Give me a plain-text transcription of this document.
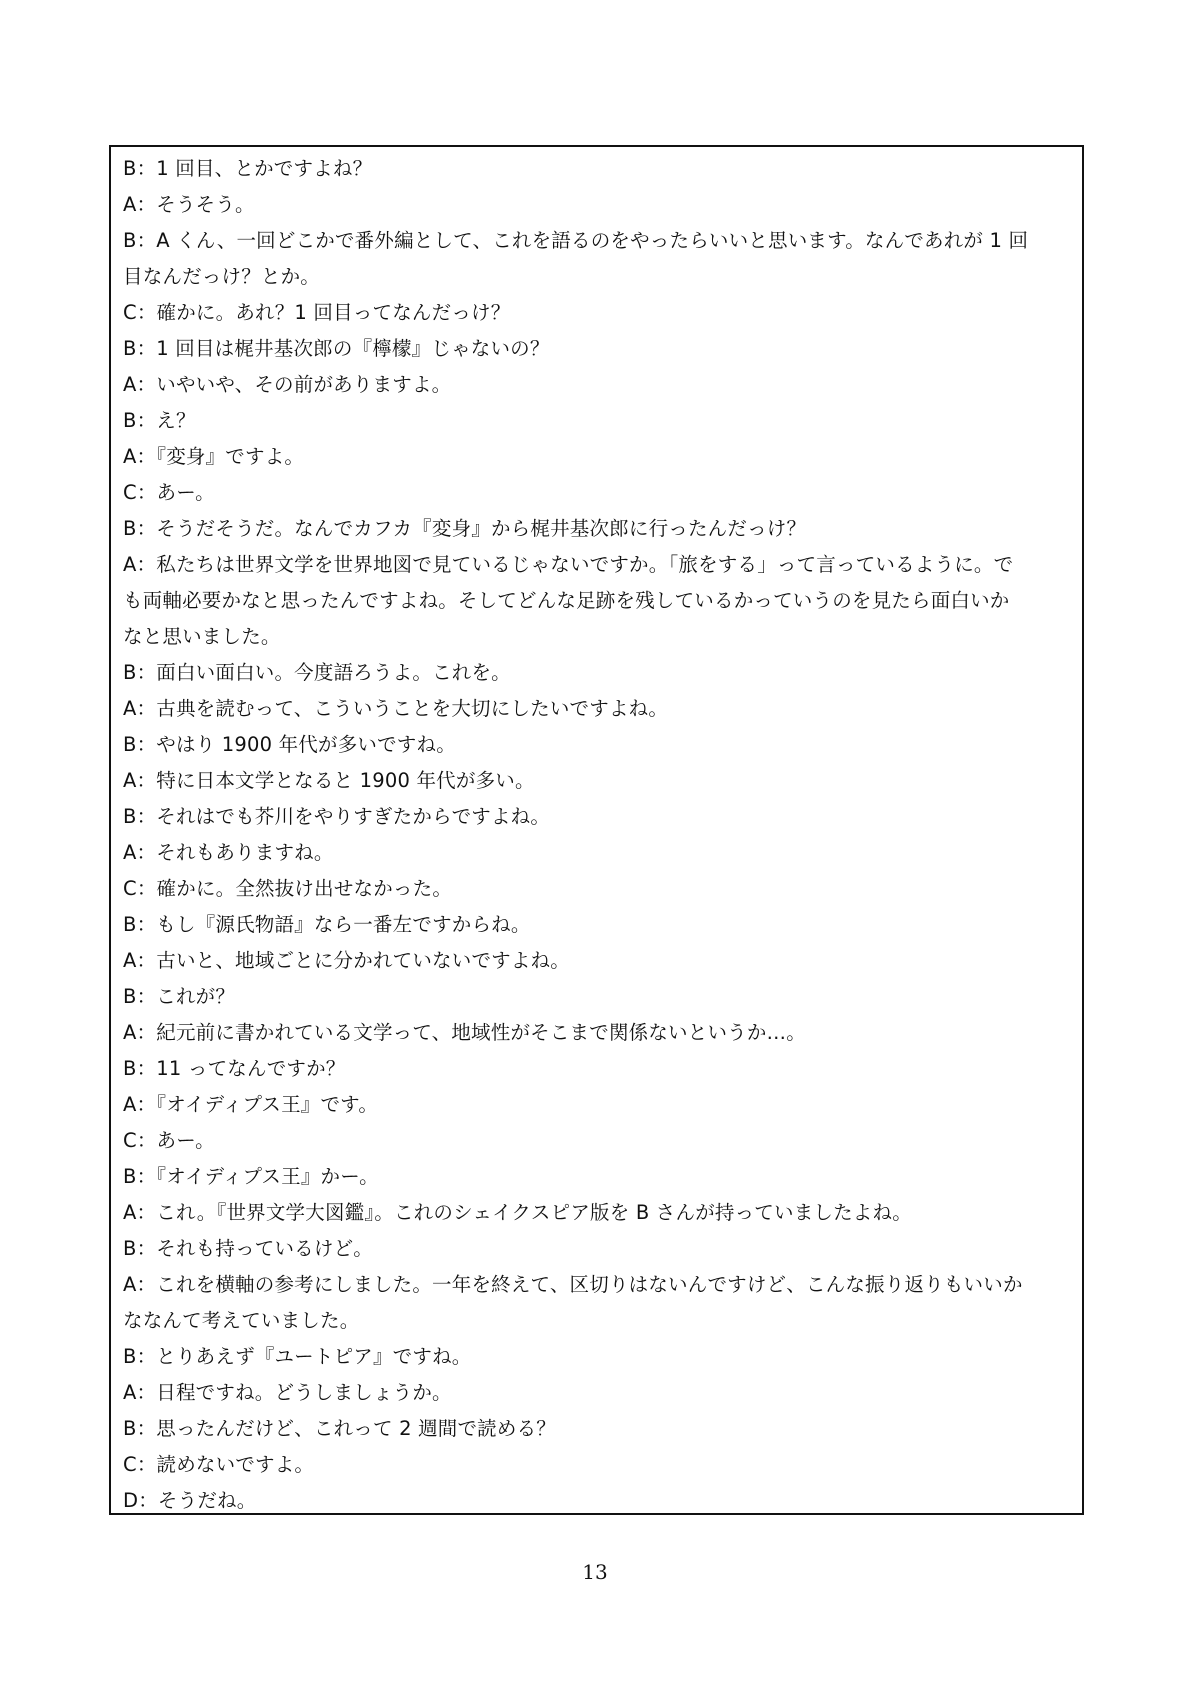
B：1 回目、とかですよね？
A：そうそう。
B：A くん、一回どこかで番外編として、これを語るのをやったらいいと思います。なんであれが 1 回
目なんだっけ？とか。
C：確かに。あれ？1 回目ってなんだっけ？
B：1 回目は梶井基次郎の『檸檬』じゃないの？
A：いやいや、その前がありますよ。
B：え？
A：『変身』ですよ。
C：あー。
B：そうだそうだ。なんでカフカ『変身』から梶井基次郎に行ったんだっけ？
A：私たちは世界文学を世界地図で見ているじゃないですか。「旅をする」って言っているように。で
も両軸必要かなと思ったんですよね。そしてどんな足跡を残しているかっていうのを見たら面白いか
なと思いました。
B：面白い面白い。今度語ろうよ。これを。
A：古典を読むって、こういうことを大切にしたいですよね。
B：やはり 1900 年代が多いですね。
A：特に日本文学となると 1900 年代が多い。
B：それはでも芥川をやりすぎたからですよね。
A：それもありますね。
C：確かに。全然抜け出せなかった。
B：もし『源氏物語』なら一番左ですからね。
A：古いと、地域ごとに分かれていないですよね。
B：これが？
A：紀元前に書かれている文学って、地域性がそこまで関係ないというか…。
B：11 ってなんですか？
A：『オイディプス王』です。
C：あー。
B：『オイディプス王』かー。
A：これ。『世界文学大図鑑』。これのシェイクスピア版を B さんが持っていましたよね。
B：それも持っているけど。
A：これを横軸の参考にしました。一年を終えて、区切りはないんですけど、こんな振り返りもいいか
ななんて考えていました。
B：とりあえず『ユートピア』ですね。
A：日程ですね。どうしましょうか。
B：思ったんだけど、これって 2 週間で読める？
C：読めないですよ。
D：そうだね。
13
